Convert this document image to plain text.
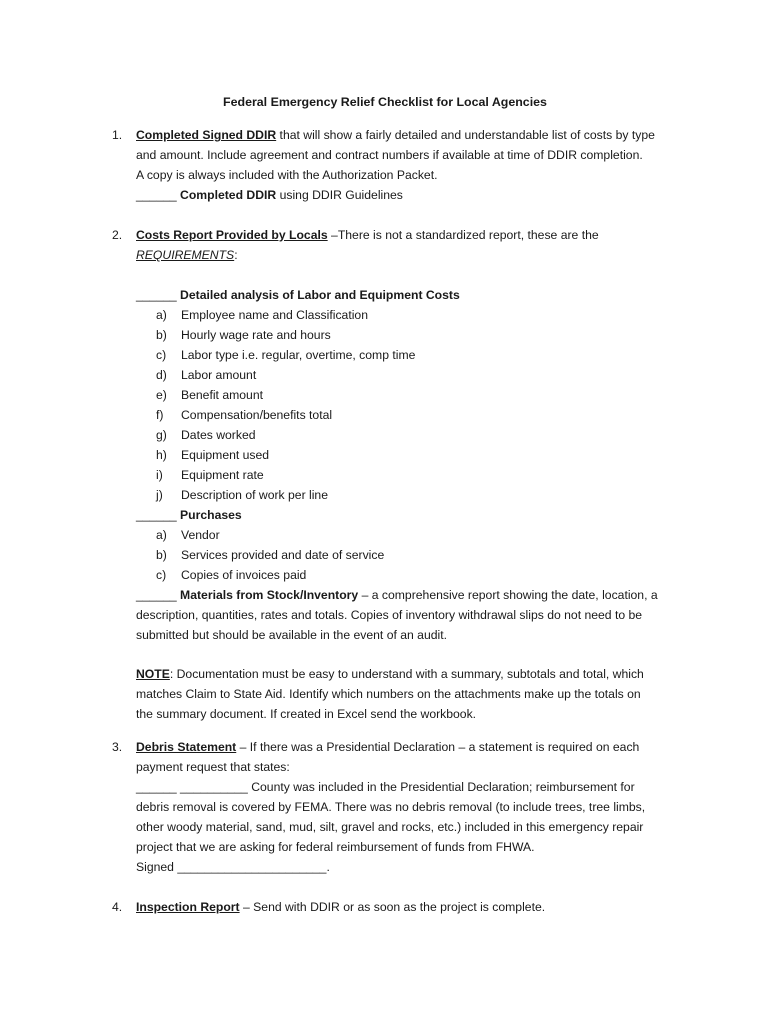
Federal Emergency Relief Checklist for Local Agencies
1. Completed Signed DDIR that will show a fairly detailed and understandable list of costs by type
and amount. Include agreement and contract numbers if available at time of DDIR completion.
A copy is always included with the Authorization Packet.
______ Completed DDIR using DDIR Guidelines
2. Costs Report Provided by Locals –There is not a standardized report, these are the
REQUIREMENTS:
______ Detailed analysis of Labor and Equipment Costs
a) Employee name and Classification
b) Hourly wage rate and hours
c) Labor type i.e. regular, overtime, comp time
d) Labor amount
e) Benefit amount
f) Compensation/benefits total
g) Dates worked
h) Equipment used
i) Equipment rate
j) Description of work per line
______ Purchases
a) Vendor
b) Services provided and date of service
c) Copies of invoices paid
______ Materials from Stock/Inventory – a comprehensive report showing the date, location, a
description, quantities, rates and totals. Copies of inventory withdrawal slips do not need to be
submitted but should be available in the event of an audit.
NOTE: Documentation must be easy to understand with a summary, subtotals and total, which
matches Claim to State Aid. Identify which numbers on the attachments make up the totals on
the summary document. If created in Excel send the workbook.
3. Debris Statement – If there was a Presidential Declaration – a statement is required on each
payment request that states:
______ __________ County was included in the Presidential Declaration; reimbursement for
debris removal is covered by FEMA. There was no debris removal (to include trees, tree limbs,
other woody material, sand, mud, silt, gravel and rocks, etc.) included in this emergency repair
project that we are asking for federal reimbursement of funds from FHWA.
Signed ______________________.
4. Inspection Report – Send with DDIR or as soon as the project is complete.
